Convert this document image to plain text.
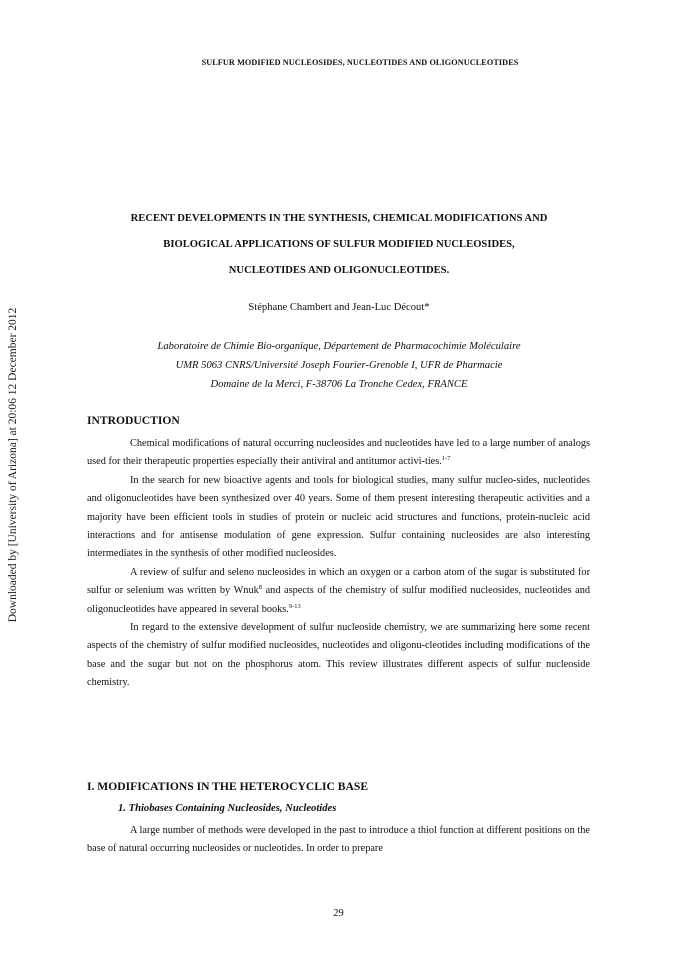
SULFUR MODIFIED NUCLEOSIDES, NUCLEOTIDES AND OLIGONUCLEOTIDES
Downloaded by [University of Arizona] at 20:06 12 December 2012
RECENT DEVELOPMENTS IN THE SYNTHESIS, CHEMICAL MODIFICATIONS AND
BIOLOGICAL APPLICATIONS OF SULFUR MODIFIED NUCLEOSIDES,
NUCLEOTIDES AND OLIGONUCLEOTIDES.
Stéphane Chambert and Jean-Luc Décout*
Laboratoire de Chimie Bio-organique, Département de Pharmacochimie Moléculaire
UMR 5063 CNRS/Université Joseph Fourier-Grenoble I, UFR de Pharmacie
Domaine de la Merci, F-38706 La Tronche Cedex, FRANCE
INTRODUCTION

Chemical modifications of natural occurring nucleosides and nucleotides have led to a large number of analogs used for their therapeutic properties especially their antiviral and antitumor activi-ties.$^{1-7}$

In the search for new bioactive agents and tools for biological studies, many sulfur nucleo-sides, nucleotides and oligonucleotides have been synthesized over 40 years. Some of them present interesting therapeutic activities and a majority have been efficient tools in studies of protein or nucleic acid structures and functions, protein-nucleic acid interactions and for antisense modulation of gene expression. Sulfur containing nucleosides are also interesting intermediates in the synthesis of other modified nucleosides.

A review of sulfur and seleno nucleosides in which an oxygen or a carbon atom of the sugar is substituted for sulfur or selenium was written by Wnuk$^8$ and aspects of the chemistry of sulfur modified nucleosides, nucleotides and oligonucleotides have appeared in several books.$^{9-13}$

In regard to the extensive development of sulfur nucleoside chemistry, we are summarizing here some recent aspects of the chemistry of sulfur modified nucleosides, nucleotides and oligonu-cleotides including modifications of the base and the sugar but not on the phosphorus atom. This review illustrates different aspects of sulfur nucleoside chemistry.

I. MODIFICATIONS IN THE HETEROCYCLIC BASE
1. Thiobases Containing Nucleosides, Nucleotides

A large number of methods were developed in the past to introduce a thiol function at different positions on the base of natural occurring nucleosides or nucleotides. In order to prepare

29
